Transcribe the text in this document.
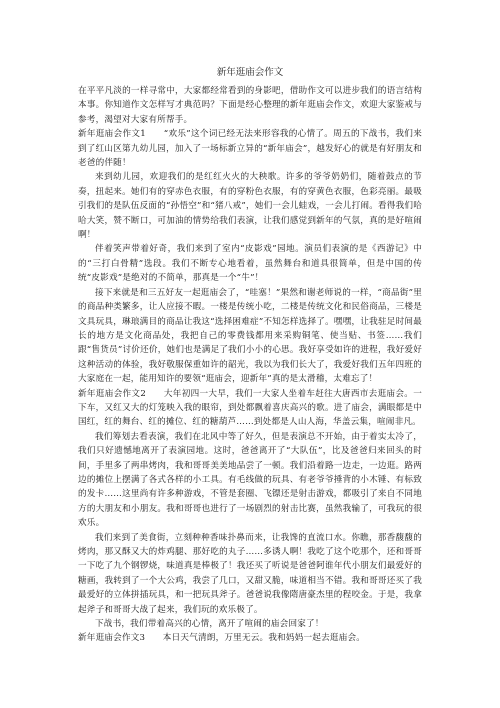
新年逛庙会作文

在平平凡淡的一样寻常中，大家都经常看到的身影吧，借助作文可以进步我们的语言结构本事。你知道作文怎样写才典范吗？下面是经心整理的新年逛庙会作文，欢迎大家鉴戒与参考，渴望对大家有所帮手。

新年逛庙会作文1　　“欢乐”这个词已经无法来形容我的心情了。周五的下战书，我们来到了红山区第九幼儿园，加入了一场标新立异的“新年庙会”，越发好心的就是有好朋友和老爸的伴随！

来到幼儿园，欢迎我们的是红红火火的大秧歌。许多的爷爷奶奶们，随着鼓点的节奏，扭起来。她们有的穿赤色衣服，有的穿粉色衣服，有的穿黄色衣服，色彩亮丽。最吸引我们的是队伍反面的“孙悟空”和“猪八戒”，她们一会儿蛙戏，一会儿打闹。看得我们哈哈大笑，赞不断口，可加油的情势给我们表演，让我们感觉到新年的气氛，真的是好喧闹啊！

伴着笑声带着好奇，我们来到了室内“皮影戏”园地。演员们表演的是《西游记》中的“三打白骨精”选段。我们不断专心地看着，虽然舞台和道具很简单，但是中国的传统“皮影戏”是绝对的不简单，那真是一个“牛”！

接下来就是和三五好友一起逛庙会了，“哇塞！”果然和谢老师说的一样，“商品街”里的商品种类繁多，让人应接不暇。一楼是传统小吃，二楼是传统文化和民俗商品，三楼是文具玩具，琳琅满目的商品让我这“选择困难症”不知怎样选择了。嘿嘿，让我驻足时间最长的地方是文化商品处，我把自己的零费钱都用来采购铜笔、使当贴、书签……我们跟“售货员”讨价还价，她们也是满足了我们小小的心思。我好享受如许的进程，我好爱好这种活动的体验，我好敬服保重如许的韶光，我以为我们长大了，我爱好我们五年四班的大家庭在一起，能用知许的要领“逛庙会，迎新年”真的是太滑稽，太难忘了！

新年逛庙会作文2　　大年初四一大早，我们一大家人坐着车赶往大唐西市去逛庙会。一下车，又红又大的灯笼映入我的眼帘，到处都飘着喜庆高兴的歌。进了庙会，满眼都是中国红，红的舞台、红的摊位、红的糖葫芦……到处都是人山人海，华盖云集，喧闹非凡。

我们筹划去看表演，我们在北风中等了好久，但是表演总不开始，由于着实太冷了，我们只好遗憾地离开了表演园地。这时，爸爸离开了“大队伍”，比及爸爸归来回头的时间，手里多了两串烤肉，我和哥哥美美地品尝了一顿。我们沿着路一边走，一边逛。路两边的摊位上摆满了各式各样的小工具。有毛线做的玩具、有老爷爷捶背的小木锤、有标致的发卡……这里尚有许多种游戏，不管是套圈、飞镖还是射击游戏，都吸引了来自不同地方的大朋友和小朋友。我和哥哥也进行了一场剧烈的射击比赛，虽然我输了，可我玩的很欢乐。

我们来到了美食街，立刻种种香味扑鼻而来，让我馋的直流口水。你瞧，那香馥馥的烤肉，那又酥又大的炸鸡腿、那好吃的丸子……多诱人啊！我吃了这个吃那个，还和哥哥一下吃了九个钢锣烧，味道真是棒极了！我还买了听说是爸爸阿谁年代小朋友们最爱好的糖画，我转到了一个大公鸡，我尝了几口，又甜又脆，味道相当不错。我和哥哥还买了我最爱好的立体拼插玩具，和一把玩具斧子。爸爸说我像隋唐豪杰里的程咬金。于是，我拿起斧子和哥哥大战了起来，我们玩的欢乐极了。

下战书，我们带着高兴的心情，离开了喧闹的庙会回家了！

新年逛庙会作文3　　本日天气清朗，万里无云。我和妈妈一起去逛庙会。
